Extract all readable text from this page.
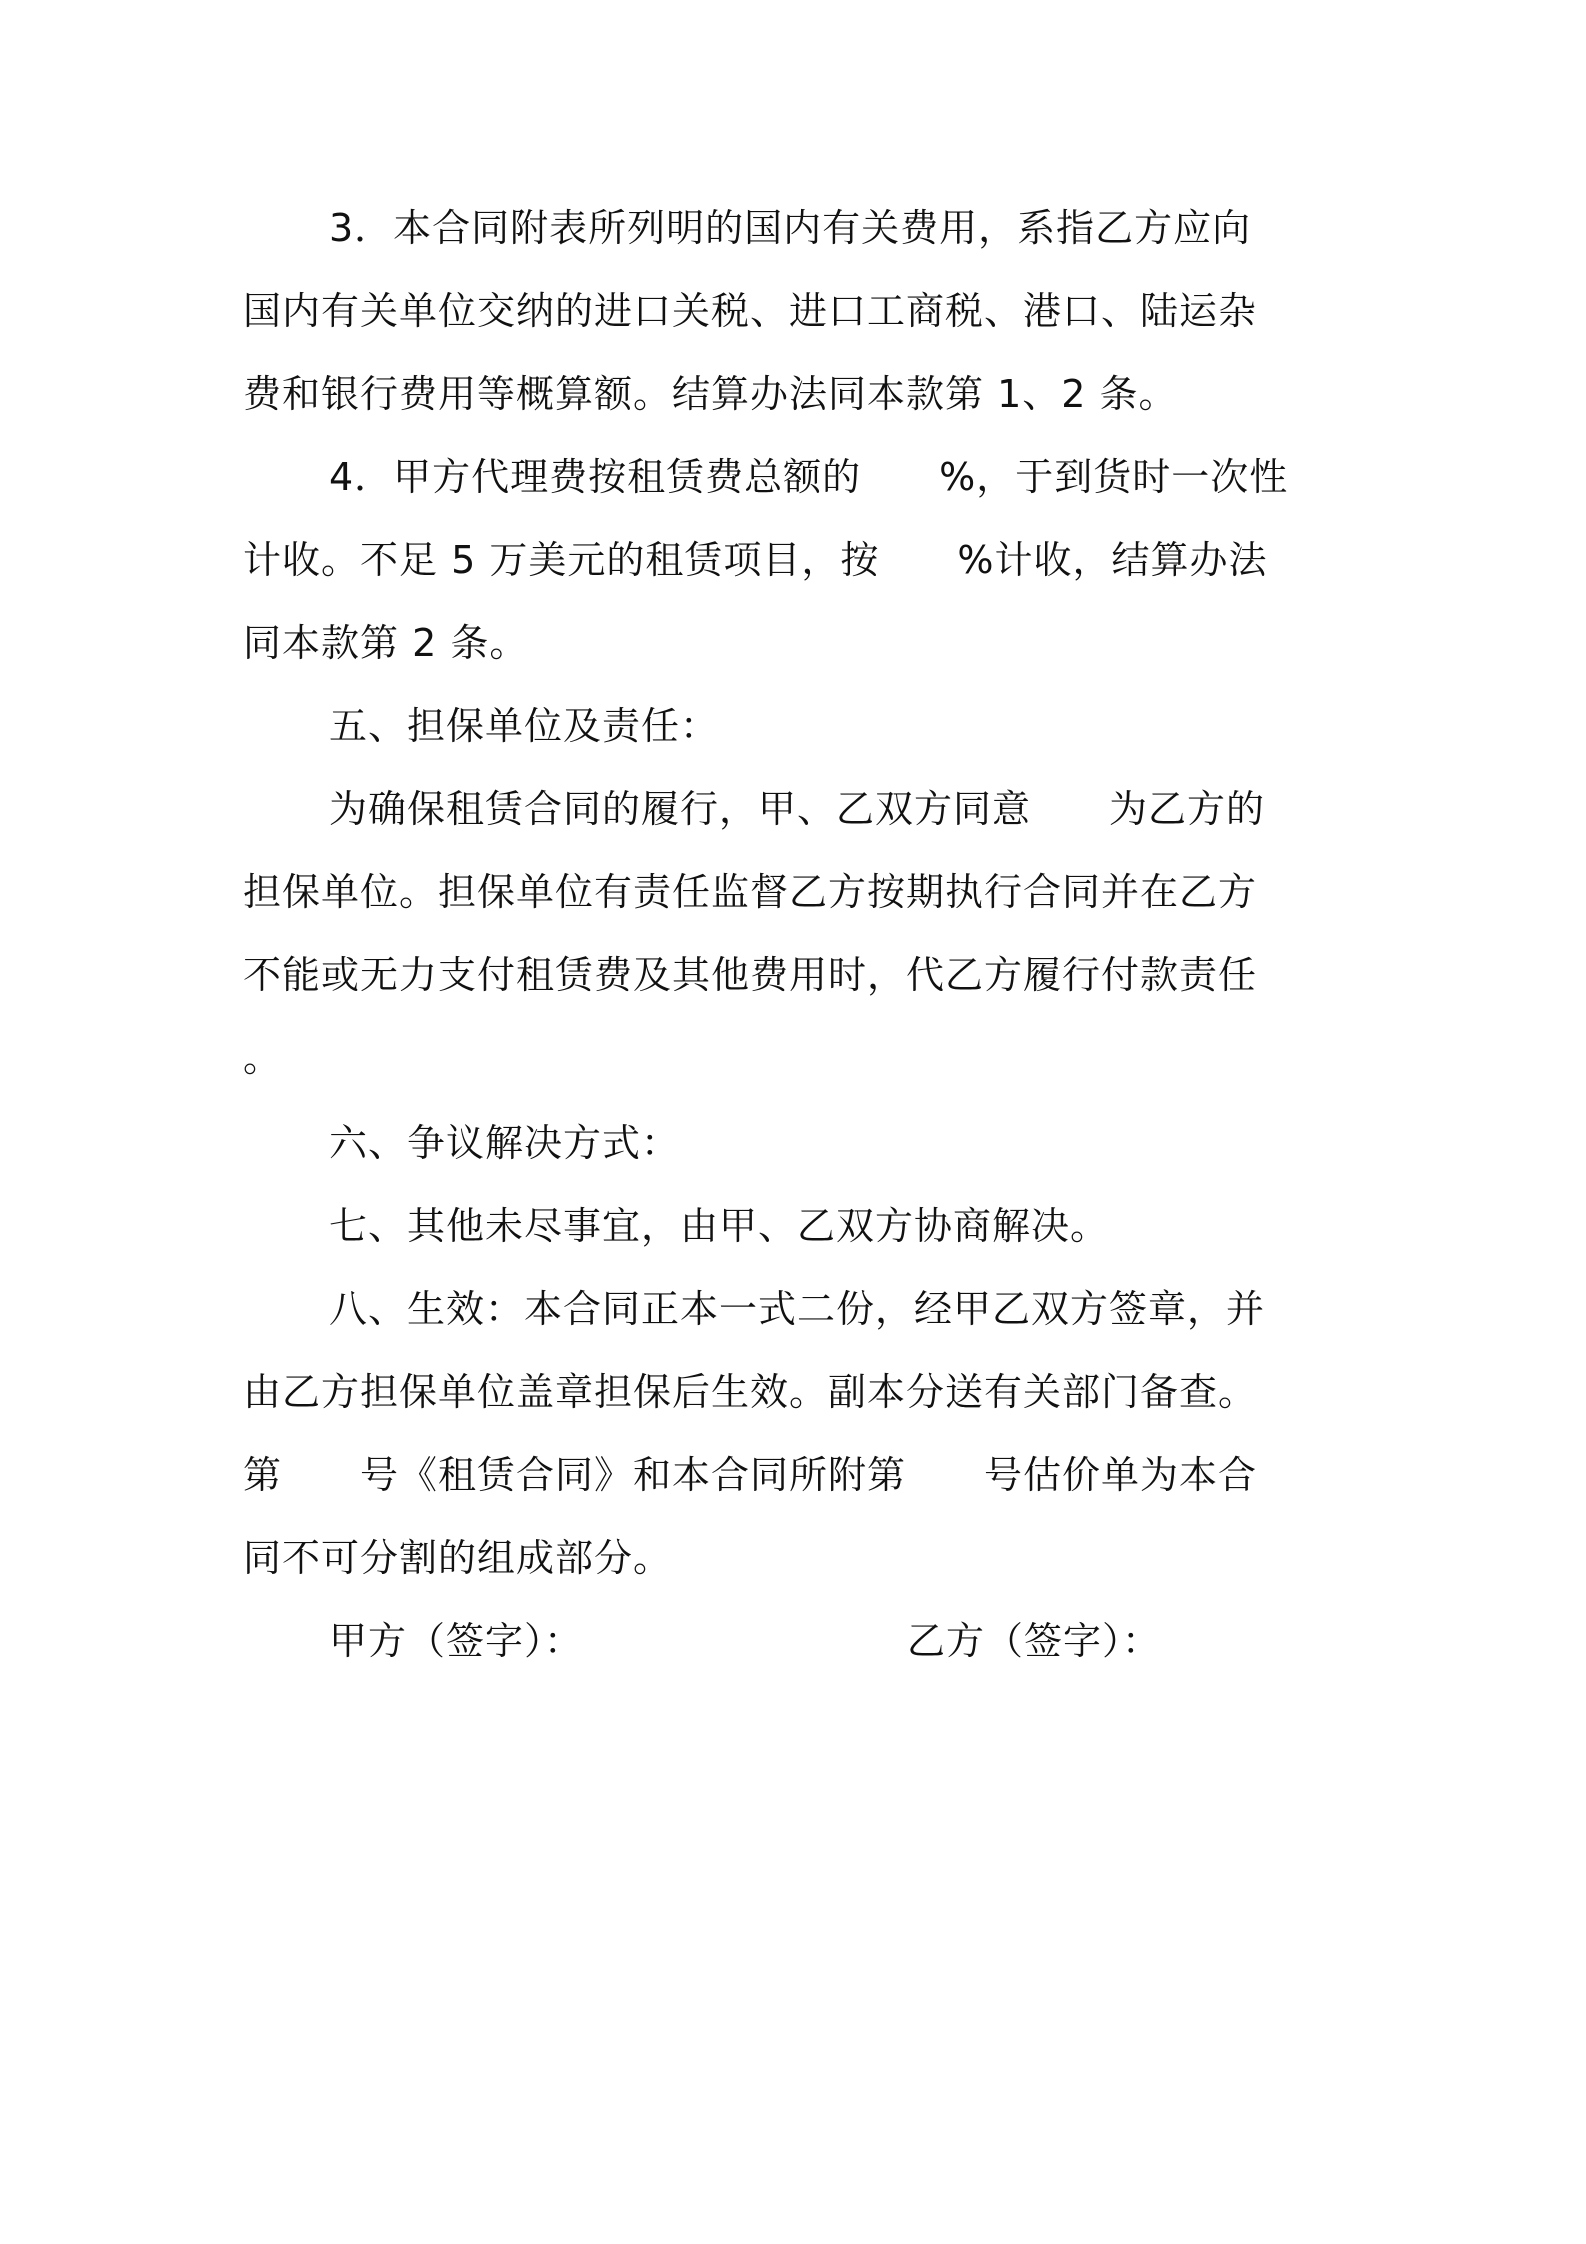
3．本合同附表所列明的国内有关费用，系指乙方应向
国内有关单位交纳的进口关税、进口工商税、港口、陆运杂
费和银行费用等概算额。结算办法同本款第 1、2 条。
4．甲方代理费按租赁费总额的　　%，于到货时一次性
计收。不足 5 万美元的租赁项目，按　　%计收，结算办法
同本款第 2 条。
五、担保单位及责任：
为确保租赁合同的履行，甲、乙双方同意　　为乙方的
担保单位。担保单位有责任监督乙方按期执行合同并在乙方
不能或无力支付租赁费及其他费用时，代乙方履行付款责任
。
六、争议解决方式：
七、其他未尽事宜，由甲、乙双方协商解决。
八、生效：本合同正本一式二份，经甲乙双方签章，并
由乙方担保单位盖章担保后生效。副本分送有关部门备查。
第　　号《租赁合同》和本合同所附第　　号估价单为本合
同不可分割的组成部分。
甲方（签字）：	乙方（签字）：
